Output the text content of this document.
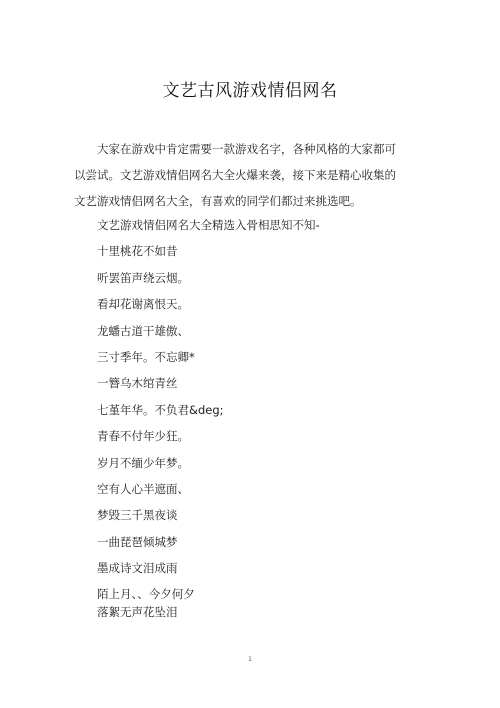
文艺古风游戏情侣网名
大家在游戏中肯定需要一款游戏名字，各种风格的大家都可以尝试。文艺游戏情侣网名大全火爆来袭，接下来是精心收集的文艺游戏情侣网名大全，有喜欢的同学们都过来挑选吧。
文艺游戏情侣网名大全精选入骨相思知不知-
十里桃花不如昔
听罢笛声绕云烟。
看却花谢离恨天。
龙蟠古道干雄傲、
三寸季年。不忘卿*
一簪乌木绾青丝
七堇年华。不负君&deg;
青春不付年少狂。
岁月不缅少年梦。
空有人心半遮面、
梦毁三千黑夜谈
一曲琵琶倾城梦
墨成诗文泪成雨
陌上月、、今夕何夕
落絮无声花坠泪
1
